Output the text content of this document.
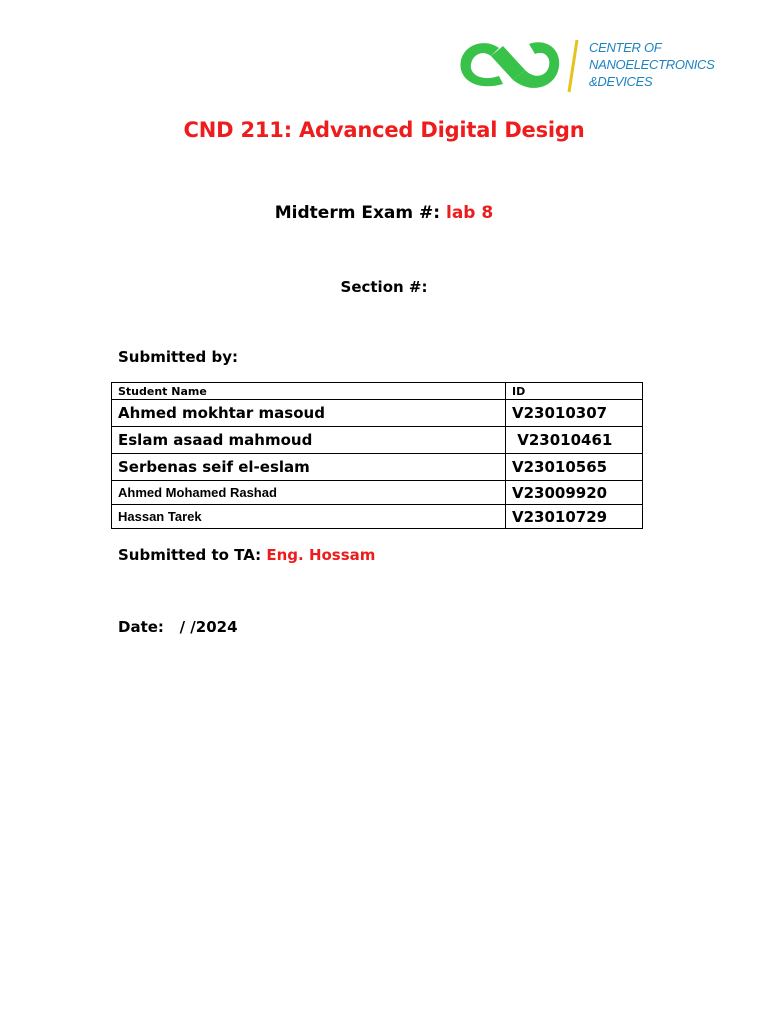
CENTER OF
NANOELECTRONICS
&DEVICES
CND 211: Advanced Digital Design
Midterm Exam #: lab 8
Section #:
Submitted by:
Student Name	ID
Ahmed mokhtar masoud	V23010307
Eslam asaad mahmoud	V23010461
Serbenas seif el-eslam	V23010565
Ahmed Mohamed Rashad	V23009920
Hassan Tarek	V23010729
Submitted to TA: Eng. Hossam
Date: / /2024
